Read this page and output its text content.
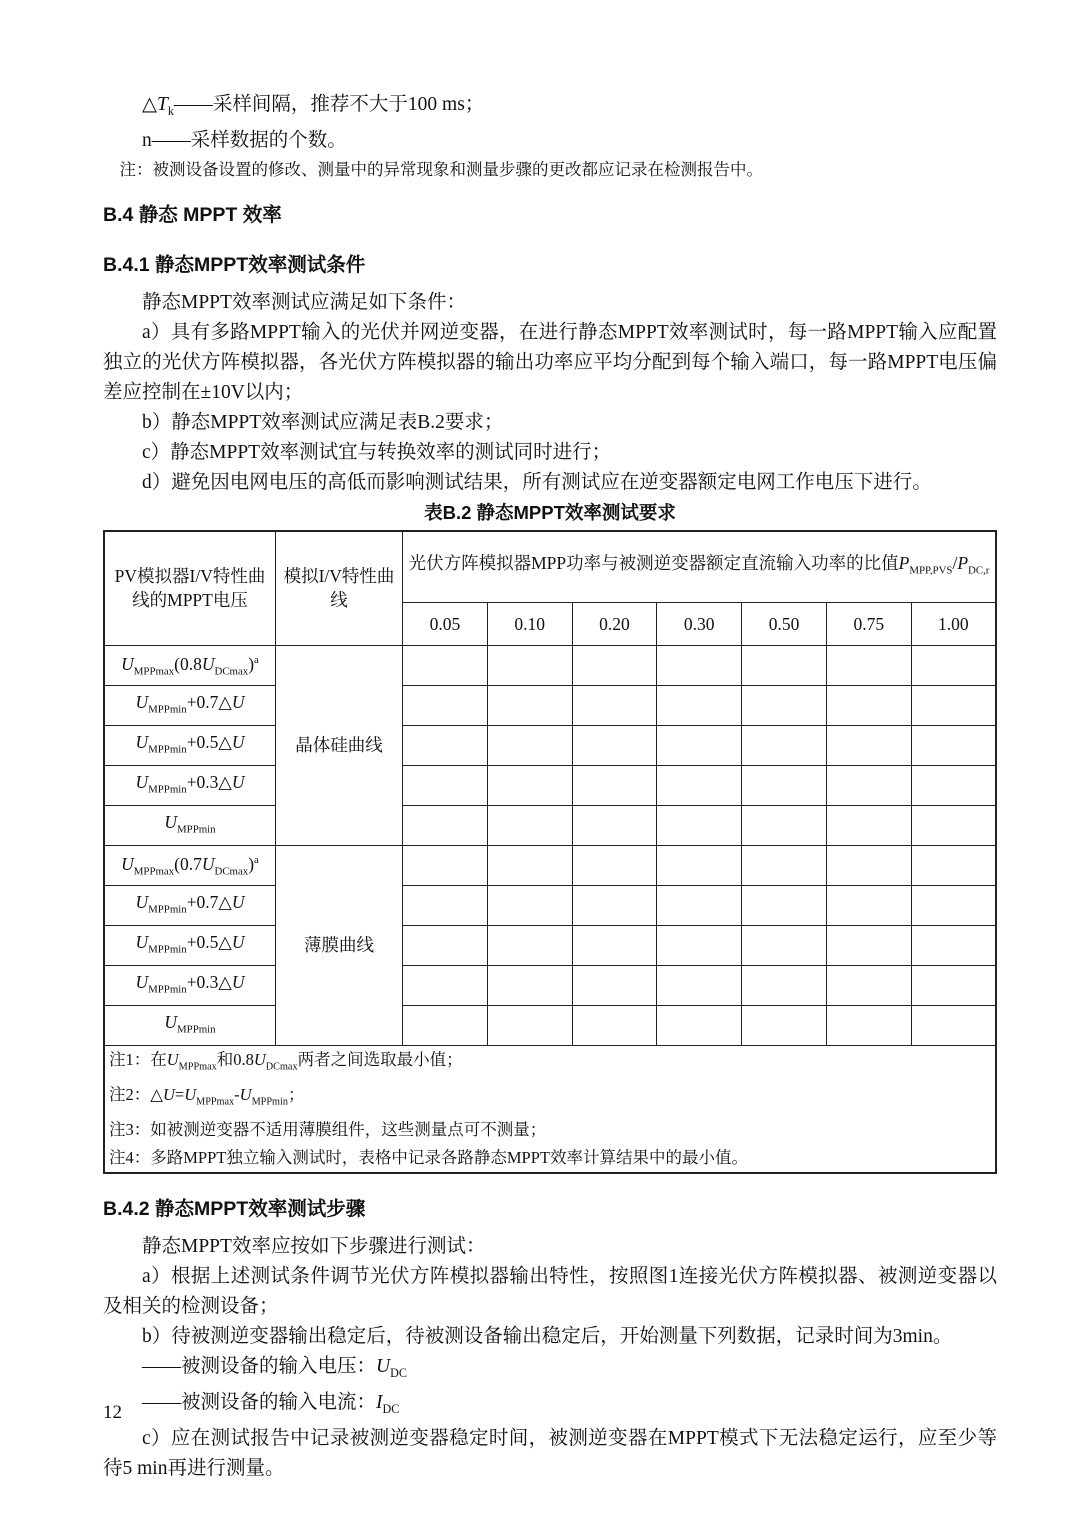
$\triangle T_k——$采样间隔，推荐不大于100 ms；

n——采样数据的个数。

注：被测设备设置的修改、测量中的异常现象和测量步骤的更改都应记录在检测报告中。

B.4 静态 MPPT 效率
B.4.1 静态MPPT效率测试条件

静态MPPT效率测试应满足如下条件：

a）具有多路MPPT输入的光伏并网逆变器，在进行静态MPPT效率测试时，每一路MPPT输入应配置独立的光伏方阵模拟器，各光伏方阵模拟器的输出功率应平均分配到每个输入端口，每一路MPPT电压偏差应控制在±10V以内；

b）静态MPPT效率测试应满足表B.2要求；

c）静态MPPT效率测试宜与转换效率的测试同时进行；

d）避免因电网电压的高低而影响测试结果，所有测试应在逆变器额定电网工作电压下进行。

表B.2 静态MPPT效率测试要求
PV模拟器I/V特性曲线的MPPT电压	模拟I/V特性曲线	光伏方阵模拟器MPP功率与被测逆变器额定直流输入功率的比值$P_{MPP,PVS}/P_{DC,r}$
		0.05	0.10	0.20	0.30	0.50	0.75	1.00
$U_{MPPmax}(0.8U_{DCmax})^a$	晶体硅曲线							
$U_{MPPmin}+0.7\triangle U$								
$U_{MPPmin}+0.5\triangle U$								
$U_{MPPmin}+0.3\triangle U$								
$U_{MPPmin}$							
$U_{MPPmax}(0.7U_{DCmax})^a$	薄膜曲线							
$U_{MPPmin}+0.7\triangle U$								
$U_{MPPmin}+0.5\triangle U$								
$U_{MPPmin}+0.3\triangle U$								
$U_{MPPmin}$							

注1：在$U_{MPPmax}$和$0.8U_{DCmax}$两者之间选取最小值；
注2：$\triangle U=U_{MPPmax}-U_{MPPmin}$；
注3：如被测逆变器不适用薄膜组件，这些测量点可不测量；
注4：多路MPPT独立输入测试时，表格中记录各路静态MPPT效率计算结果中的最小值。								
B.4.2 静态MPPT效率测试步骤

静态MPPT效率应按如下步骤进行测试：

a）根据上述测试条件调节光伏方阵模拟器输出特性，按照图1连接光伏方阵模拟器、被测逆变器以及相关的检测设备；

b）待被测逆变器输出稳定后，待被测设备输出稳定后，开始测量下列数据，记录时间为3min。

——被测设备的输入电压：$U_{DC}$

——被测设备的输入电流：$I_{DC}$

c）应在测试报告中记录被测逆变器稳定时间，被测逆变器在MPPT模式下无法稳定运行，应至少等待5 min再进行测量。

12
